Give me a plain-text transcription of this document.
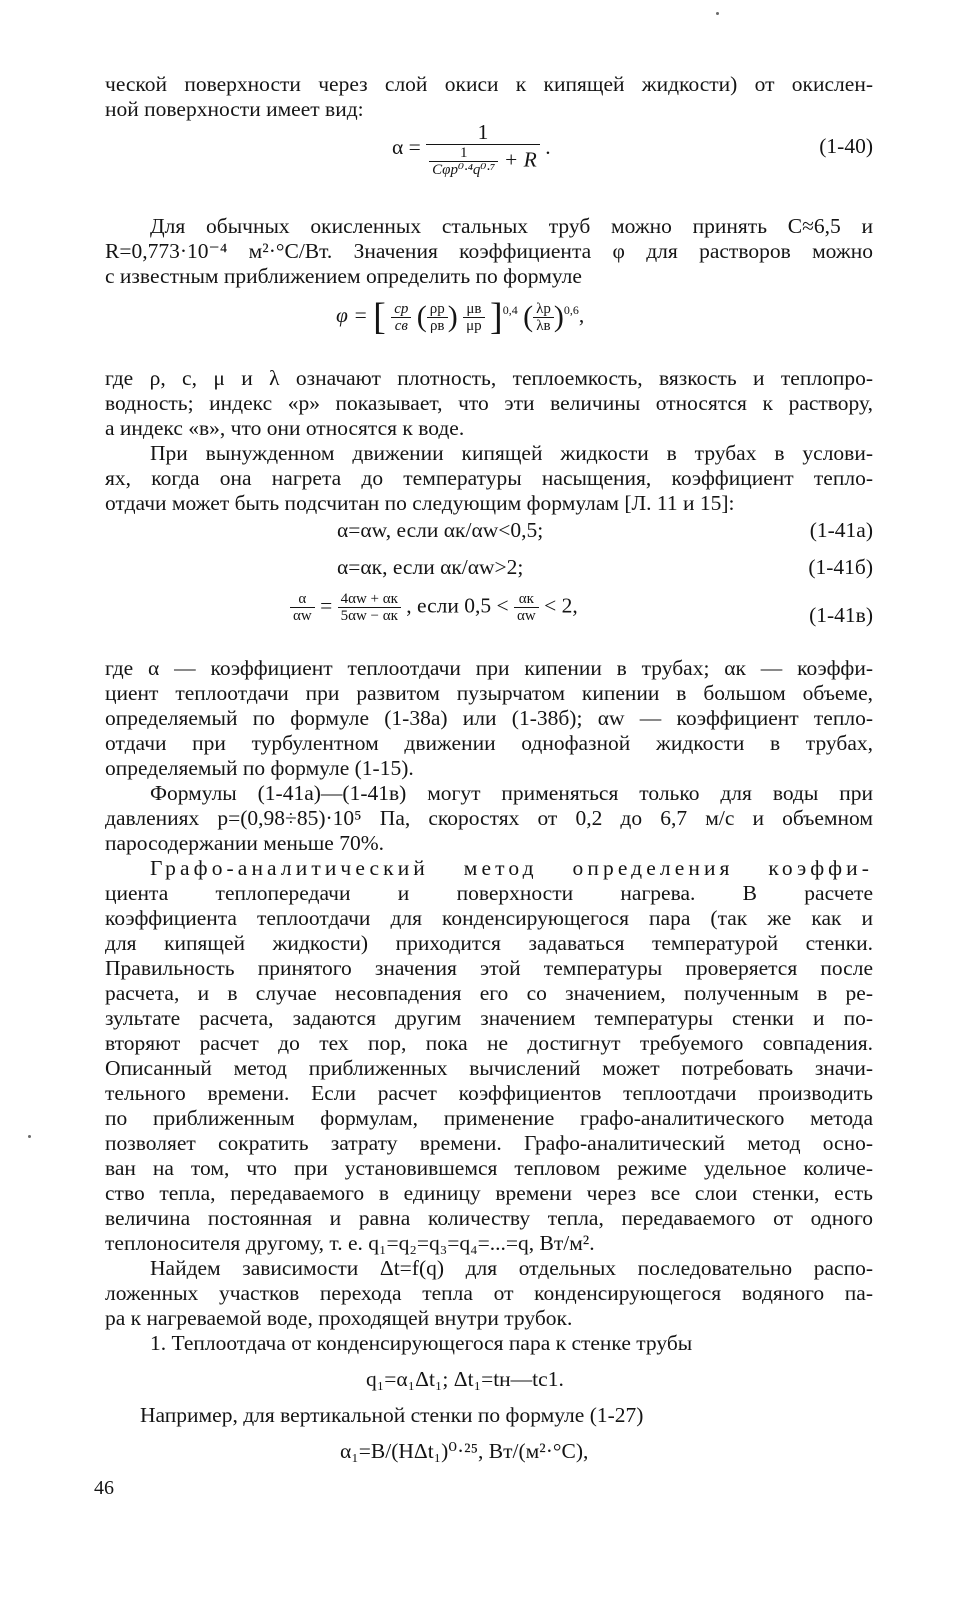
ческой поверхности через слой окиси к кипящей жидкости) от окислен-
ной поверхности имеет вид:
$\alpha = \frac{1}{\frac{1}{\text{Cφp⁰·⁴q⁰·⁷}} + R}$ .	(1-40)
Для обычных окисленных стальных труб можно принять C≈6,5 и
R=0,773·10⁻⁴ м²·°C/Вт. Значения коэффициента φ для растворов можно
с известным приближением определить по формуле
φ = [ $\frac{cр}{cв}$ ( $\frac{\rho р}{\rho в}$ ) $\frac{\mu в}{\mu р} ]^{0,4}$ ( $\frac{\lambda р}{\lambda в} )^{0,6}$,
где ρ, c, μ и λ означают плотность, теплоемкость, вязкость и теплопро-
водность; индекс «р» показывает, что эти величины относятся к раствору,
а индекс «в», что они относятся к воде.
При вынужденном движении кипящей жидкости в трубах в услови-
ях, когда она нагрета до температуры насыщения, коэффициент тепло-
отдачи может быть подсчитан по следующим формулам [Л. 11 и 15]:
α=αw, если αк/αw<0,5;	(1-41а)
α=αк, если αк/αw>2;	(1-41б)
$\frac{\alpha}{\alpha w} = \frac{4\alpha w + \alpha к}{5\alpha w - \alpha к}$ , если $0,5 < \frac{\alpha к}{\alpha w} < 2$,	(1-41в)
где α — коэффициент теплоотдачи при кипении в трубах; αк — коэффи-
циент теплоотдачи при развитом пузырчатом кипении в большом объеме,
определяемый по формуле (1-38а) или (1-38б); αw — коэффициент тепло-
отдачи при турбулентном движении однофазной жидкости в трубах,
определяемый по формуле (1-15).
Формулы (1-41а)—(1-41в) могут применяться только для воды при
давлениях p=(0,98÷85)·10⁵ Па, скоростях от 0,2 до 6,7 м/с и объемном
паросодержании меньше 70%.
Графо-аналитический метод определения коэффи-
циента теплопередачи и поверхности нагрева. В расчете
коэффициента теплоотдачи для конденсирующегося пара (так же как и
для кипящей жидкости) приходится задаваться температурой стенки.
Правильность принятого значения этой температуры проверяется после
расчета, и в случае несовпадения его со значением, полученным в ре-
зультате расчета, задаются другим значением температуры стенки и по-
вторяют расчет до тех пор, пока не достигнут требуемого совпадения.
Описанный метод приближенных вычислений может потребовать значи-
тельного времени. Если расчет коэффициентов теплоотдачи производить
по приближенным формулам, применение графо-аналитического метода
позволяет сократить затрату времени. Графо-аналитический метод осно-
ван на том, что при установившемся тепловом режиме удельное количе-
ство тепла, передаваемого в единицу времени через все слои стенки, есть
величина постоянная и равна количеству тепла, передаваемого от одного
теплоносителя другому, т. е. q₁=q₂=q₃=q₄=...=q, Вт/м².
Найдем зависимости Δt=f(q) для отдельных последовательно распо-
ложенных участков перехода тепла от конденсирующегося водяного па-
ра к нагреваемой воде, проходящей внутри трубок.
1. Теплоотдача от конденсирующегося пара к стенке трубы
q₁=α₁Δt₁; Δt₁=tн—tс1.
Например, для вертикальной стенки по формуле (1-27)
α₁=B/(HΔt₁)⁰·²⁵, Вт/(м²·°C),
46
